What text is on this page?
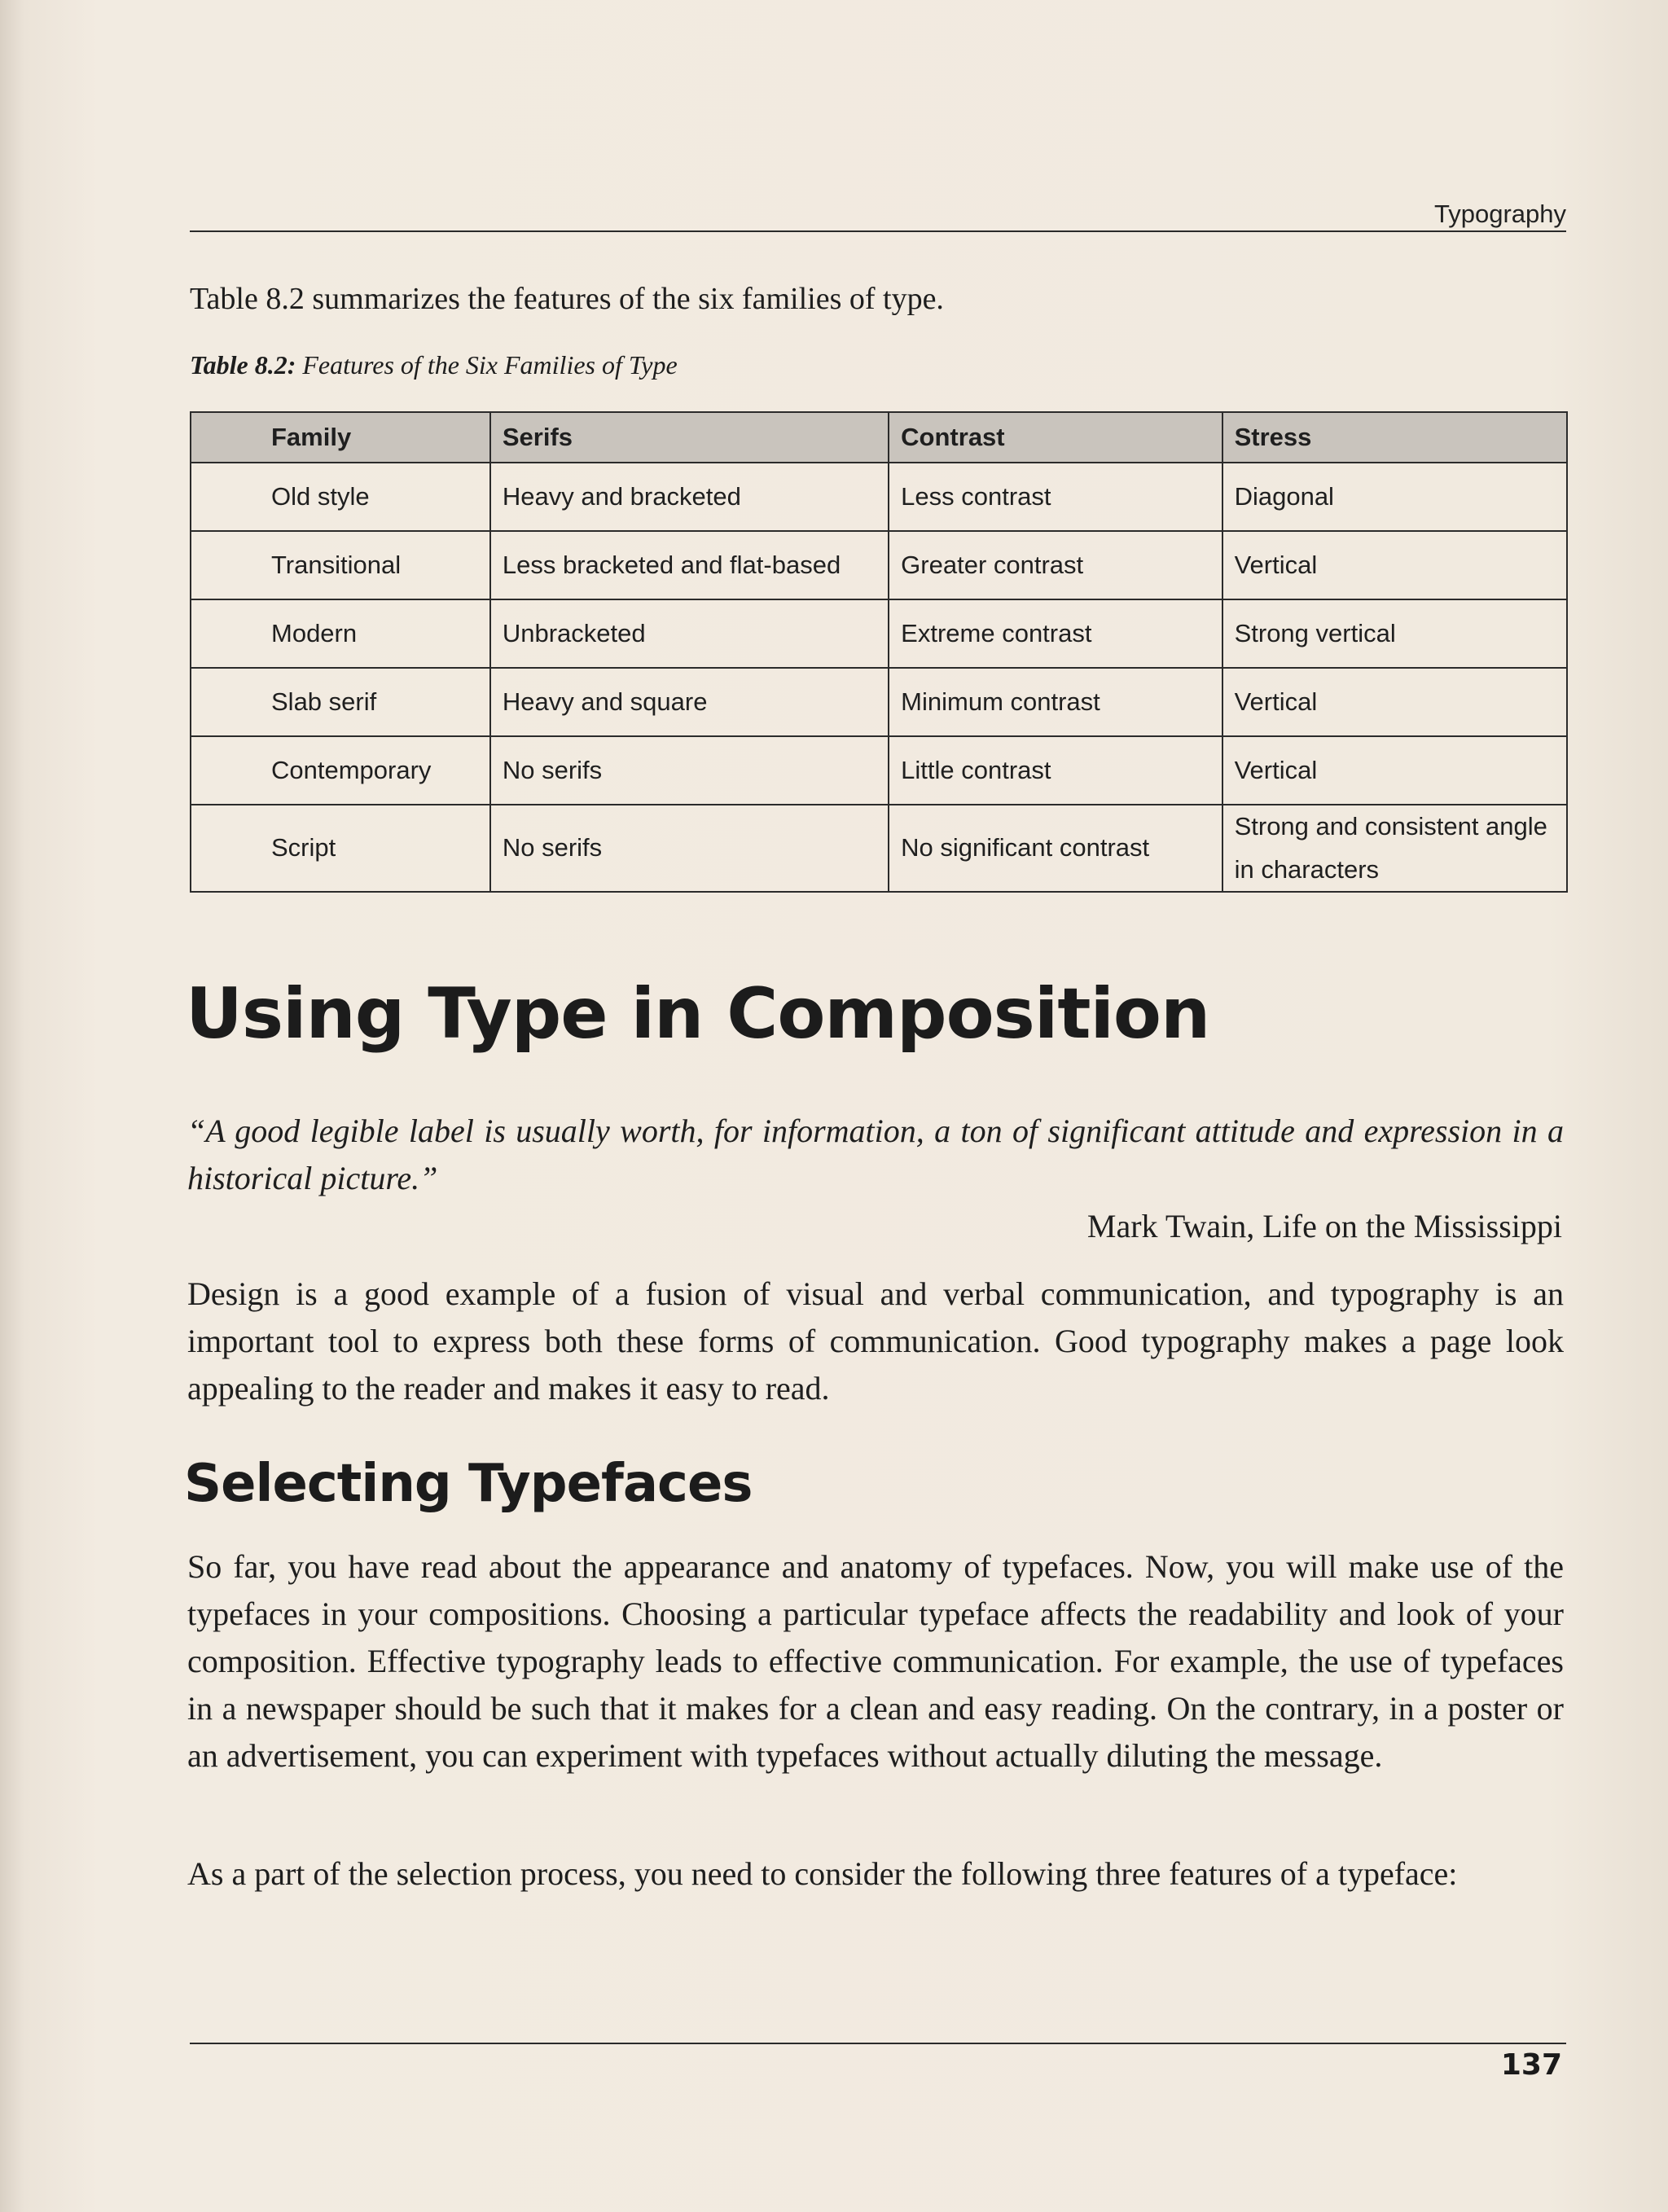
Typography
Table 8.2 summarizes the features of the six families of type.
Table 8.2: Features of the Six Families of Type
Family	Serifs	Contrast	Stress
Old style	Heavy and bracketed	Less contrast	Diagonal
Transitional	Less bracketed and flat-based	Greater contrast	Vertical
Modern	Unbracketed	Extreme contrast	Strong vertical
Slab serif	Heavy and square	Minimum contrast	Vertical
Contemporary	No serifs	Little contrast	Vertical
Script	No serifs	No significant contrast	Strong and consistent angle in characters
Using Type in Composition
“A good legible label is usually worth, for information, a ton of significant attitude and expression in a historical picture.”
Mark Twain, Life on the Mississippi
Design is a good example of a fusion of visual and verbal communication, and typography is an important tool to express both these forms of communication. Good typography makes a page look appealing to the reader and makes it easy to read.
Selecting Typefaces
So far, you have read about the appearance and anatomy of typefaces. Now, you will make use of the typefaces in your compositions. Choosing a particular typeface affects the readability and look of your composition. Effective typography leads to effective communication. For example, the use of typefaces in a newspaper should be such that it makes for a clean and easy reading. On the contrary, in a poster or an advertisement, you can experiment with typefaces without actually diluting the message.
As a part of the selection process, you need to consider the following three features of a typeface:
137
